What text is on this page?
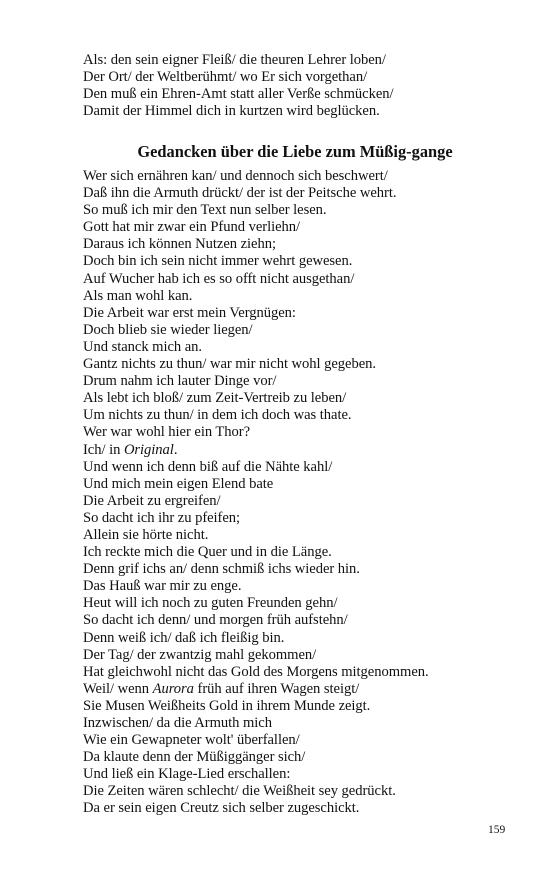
Als: den sein eigner Fleiß/ die theuren Lehrer loben/
Der Ort/ der Weltberühmt/ wo Er sich vorgethan/
Den muß ein Ehren-Amt statt aller Verße schmücken/
Damit der Himmel dich in kurtzen wird beglücken.
Gedancken über die Liebe zum Müßig-gange
Wer sich ernähren kan/ und dennoch sich beschwert/
Daß ihn die Armuth drückt/ der ist der Peitsche wehrt.
So muß ich mir den Text nun selber lesen.
Gott hat mir zwar ein Pfund verliehn/
Daraus ich können Nutzen ziehn;
Doch bin ich sein nicht immer wehrt gewesen.
Auf Wucher hab ich es so offt nicht ausgethan/
Als man wohl kan.
Die Arbeit war erst mein Vergnügen:
Doch blieb sie wieder liegen/
Und stanck mich an.
Gantz nichts zu thun/ war mir nicht wohl gegeben.
Drum nahm ich lauter Dinge vor/
Als lebt ich bloß/ zum Zeit-Vertreib zu leben/
Um nichts zu thun/ in dem ich doch was thate.
Wer war wohl hier ein Thor?
Ich/ in Original.
Und wenn ich denn biß auf die Nähte kahl/
Und mich mein eigen Elend bate
Die Arbeit zu ergreifen/
So dacht ich ihr zu pfeifen;
Allein sie hörte nicht.
Ich reckte mich die Quer und in die Länge.
Denn grif ichs an/ denn schmiß ichs wieder hin.
Das Hauß war mir zu enge.
Heut will ich noch zu guten Freunden gehn/
So dacht ich denn/ und morgen früh aufstehn/
Denn weiß ich/ daß ich fleißig bin.
Der Tag/ der zwantzig mahl gekommen/
Hat gleichwohl nicht das Gold des Morgens mitgenommen.
Weil/ wenn Aurora früh auf ihren Wagen steigt/
Sie Musen Weißheits Gold in ihrem Munde zeigt.
Inzwischen/ da die Armuth mich
Wie ein Gewapneter wolt' überfallen/
Da klaute denn der Müßiggänger sich/
Und ließ ein Klage-Lied erschallen:
Die Zeiten wären schlecht/ die Weißheit sey gedrückt.
Da er sein eigen Creutz sich selber zugeschickt.
159
